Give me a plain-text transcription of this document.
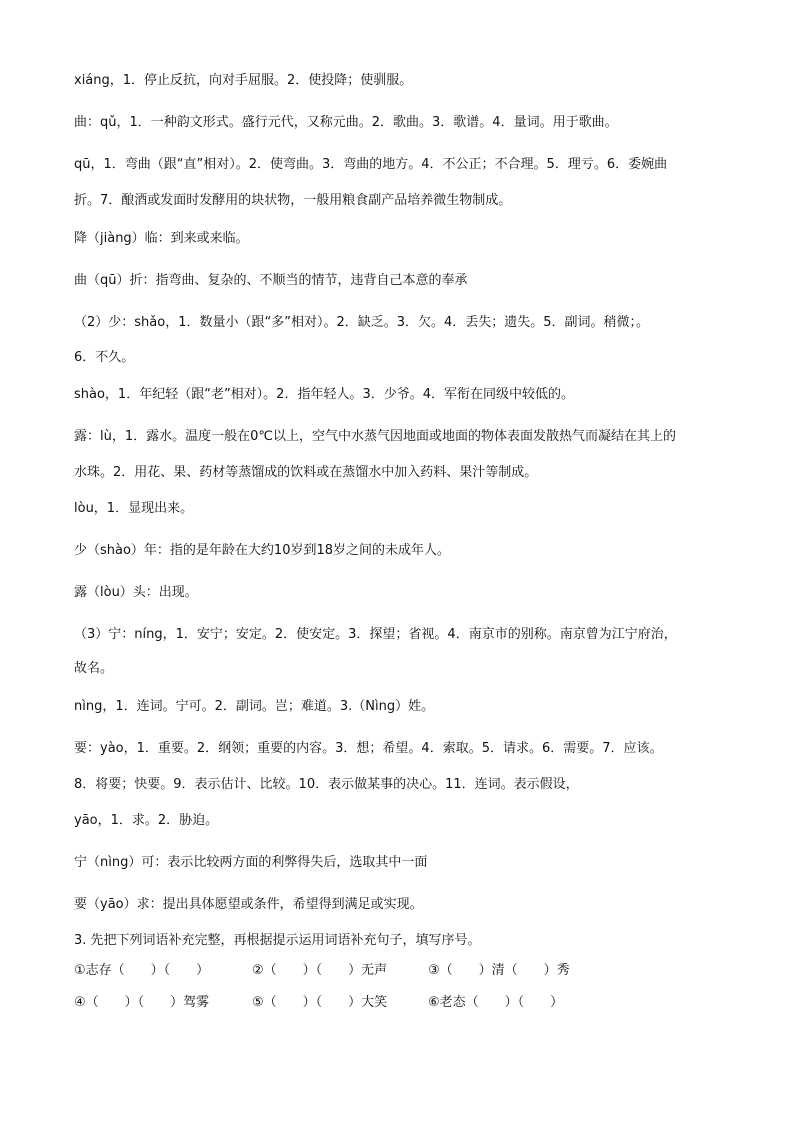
xiáng，1．停止反抗，向对手屈服。2．使投降；使驯服。
曲：qǔ，1．一种韵文形式。盛行元代，又称元曲。2．歌曲。3．歌谱。4．量词。用于歌曲。
qū，1．弯曲（跟“直”相对）。2．使弯曲。3．弯曲的地方。4．不公正；不合理。5．理亏。6．委婉曲
折。7．酿酒或发面时发酵用的块状物，一般用粮食副产品培养微生物制成。
降（jiàng）临：到来或来临。
曲（qū）折：指弯曲、复杂的、不顺当的情节，违背自己本意的奉承
（2）少：shǎo，1．数量小（跟“多”相对）。2．缺乏。3．欠。4．丢失；遗失。5．副词。稍微；。
6．不久。
shào，1．年纪轻（跟“老”相对）。2．指年轻人。3．少爷。4．军衔在同级中较低的。
露：lù，1．露水。温度一般在0℃以上，空气中水蒸气因地面或地面的物体表面发散热气而凝结在其上的
水珠。2．用花、果、药材等蒸馏成的饮料或在蒸馏水中加入药料、果汁等制成。
lòu，1．显现出来。
少（shào）年：指的是年龄在大约10岁到18岁之间的未成年人。
露（lòu）头：出现。
（3）宁：níng，1．安宁；安定。2．使安定。3．探望；省视。4．南京市的别称。南京曾为江宁府治，
故名。
nìng，1．连词。宁可。2．副词。岂；难道。3.（Nìng）姓。
要：yào，1．重要。2．纲领；重要的内容。3．想；希望。4．索取。5．请求。6．需要。7．应该。
8．将要；快要。9．表示估计、比较。10．表示做某事的决心。11．连词。表示假设，
yāo，1．求。2．胁迫。
宁（nìng）可：表示比较两方面的利弊得失后，选取其中一面
要（yāo）求：提出具体愿望或条件，希望得到满足或实现。
3. 先把下列词语补充完整，再根据提示运用词语补充句子，填写序号。
①志存（　　）（　　）	②（　　）（　　）无声	③（　　）清（　　）秀
④（　　）（　　）驾雾	⑤（　　）（　　）大笑	⑥老态（　　）（　　）
